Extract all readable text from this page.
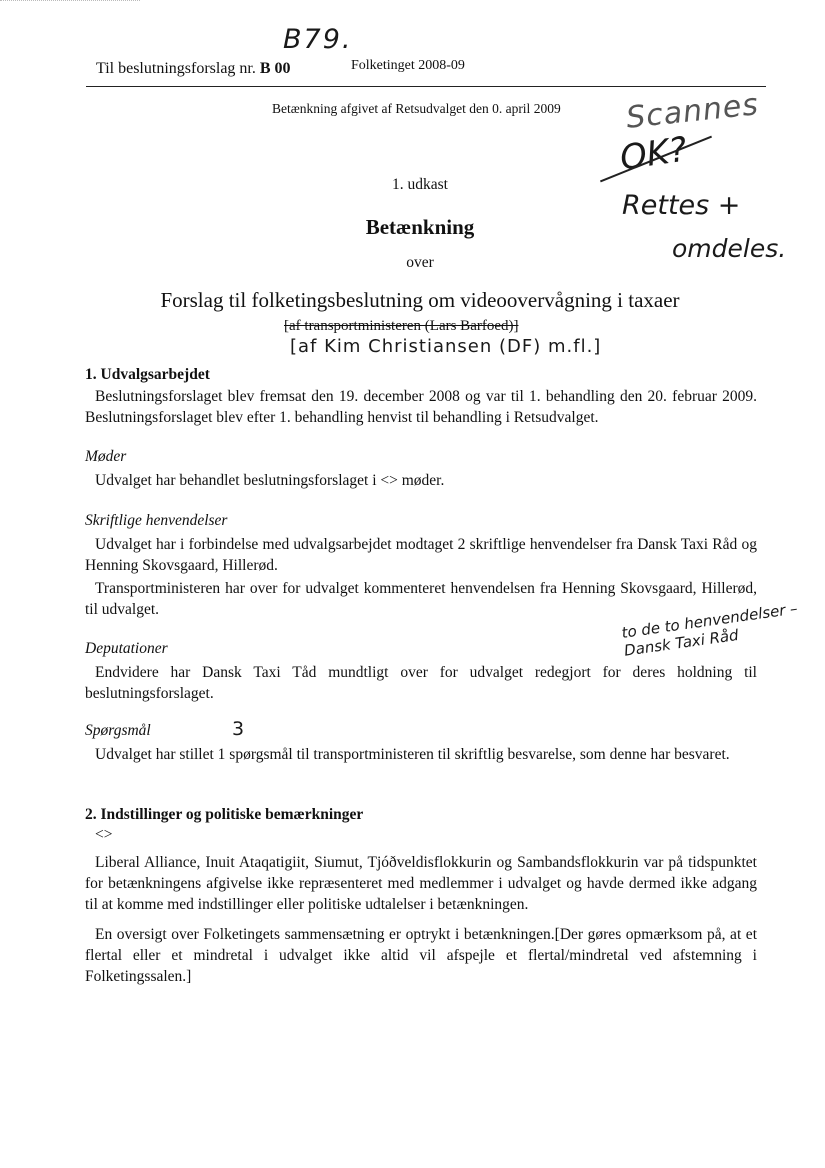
B79.
Til beslutningsforslag nr. B 00	Folketinget 2008-09
Betænkning afgivet af Retsudvalget den 0. april 2009 Scannes
OK?
Rettes +
omdeles.
1. udkast
Betænkning
over
Forslag til folketingsbeslutning om videoovervågning i taxaer
[af transportministeren (Lars Barfoed)]
[af Kim Christiansen (DF) m.fl.]
1. Udvalgsarbejdet
Beslutningsforslaget blev fremsat den 19. december 2008 og var til 1. behandling den 20. februar 2009. Beslutningsforslaget blev efter 1. behandling henvist til behandling i Retsudvalget.
Møder
Udvalget har behandlet beslutningsforslaget i <> møder.
Skriftlige henvendelser
Udvalget har i forbindelse med udvalgsarbejdet modtaget 2 skriftlige henvendelser fra Dansk Taxi Råd og Henning Skovsgaard, Hillerød.
Transportministeren har over for udvalget kommenteret henvendelsen fra Henning Skovsgaard, Hillerød, til udvalget.
Deputationer
Endvidere har Dansk Taxi Tåd mundtligt over for udvalget redegjort for deres holdning til beslutningsforslaget.
to de to henvendelser – Dansk Taxi Råd
Spørgsmål	3
Udvalget har stillet 1 spørgsmål til transportministeren til skriftlig besvarelse, som denne har besvaret.
2. Indstillinger og politiske bemærkninger
<>
Liberal Alliance, Inuit Ataqatigiit, Siumut, Tjóðveldisflokkurin og Sambandsflokkurin var på tidspunktet for betænkningens afgivelse ikke repræsenteret med medlemmer i udvalget og havde dermed ikke adgang til at komme med indstillinger eller politiske udtalelser i betænkningen.
En oversigt over Folketingets sammensætning er optrykt i betænkningen.[Der gøres opmærksom på, at et flertal eller et mindretal i udvalget ikke altid vil afspejle et flertal/mindretal ved afstemning i Folketingssalen.]
